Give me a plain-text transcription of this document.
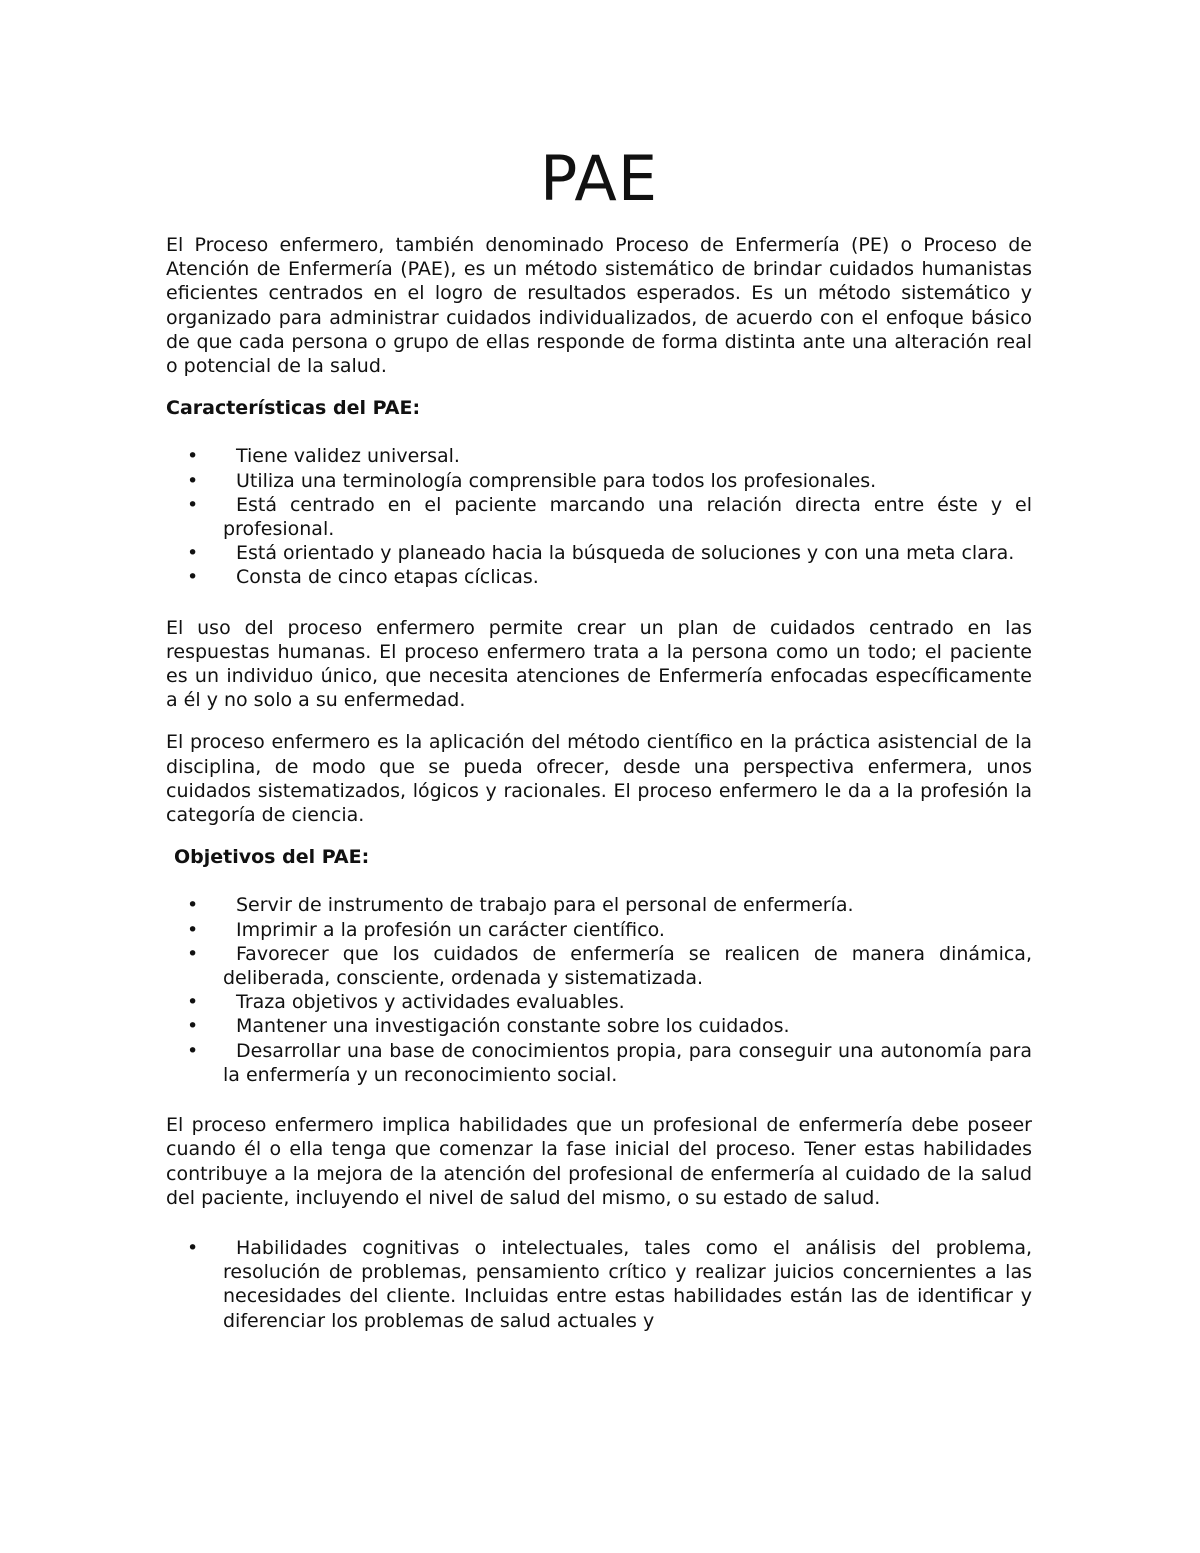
PAE

El Proceso enfermero, también denominado Proceso de Enfermería (PE) o Proceso de Atención de Enfermería (PAE), es un método sistemático de brindar cuidados humanistas eficientes centrados en el logro de resultados esperados. Es un método sistemático y organizado para administrar cuidados individualizados, de acuerdo con el enfoque básico de que cada persona o grupo de ellas responde de forma distinta ante una alteración real o potencial de la salud.

Características del PAE:
•	Tiene validez universal.
•	Utiliza una terminología comprensible para todos los profesionales.
•	Está centrado en el paciente marcando una relación directa entre éste y el profesional.
•	Está orientado y planeado hacia la búsqueda de soluciones y con una meta clara.
•	Consta de cinco etapas cíclicas.

El uso del proceso enfermero permite crear un plan de cuidados centrado en las respuestas humanas. El proceso enfermero trata a la persona como un todo; el paciente es un individuo único, que necesita atenciones de Enfermería enfocadas específicamente a él y no solo a su enfermedad.

El proceso enfermero es la aplicación del método científico en la práctica asistencial de la disciplina, de modo que se pueda ofrecer, desde una perspectiva enfermera, unos cuidados sistematizados, lógicos y racionales. El proceso enfermero le da a la profesión la categoría de ciencia.

Objetivos del PAE:
•	Servir de instrumento de trabajo para el personal de enfermería.
•	Imprimir a la profesión un carácter científico.
•	Favorecer que los cuidados de enfermería se realicen de manera dinámica, deliberada, consciente, ordenada y sistematizada.
•	Traza objetivos y actividades evaluables.
•	Mantener una investigación constante sobre los cuidados.
•	Desarrollar una base de conocimientos propia, para conseguir una autonomía para la enfermería y un reconocimiento social.

El proceso enfermero implica habilidades que un profesional de enfermería debe poseer cuando él o ella tenga que comenzar la fase inicial del proceso. Tener estas habilidades contribuye a la mejora de la atención del profesional de enfermería al cuidado de la salud del paciente, incluyendo el nivel de salud del mismo, o su estado de salud.

•	Habilidades cognitivas o intelectuales, tales como el análisis del problema, resolución de problemas, pensamiento crítico y realizar juicios concernientes a las necesidades del cliente. Incluidas entre estas habilidades están las de identificar y diferenciar los problemas de salud actuales y
